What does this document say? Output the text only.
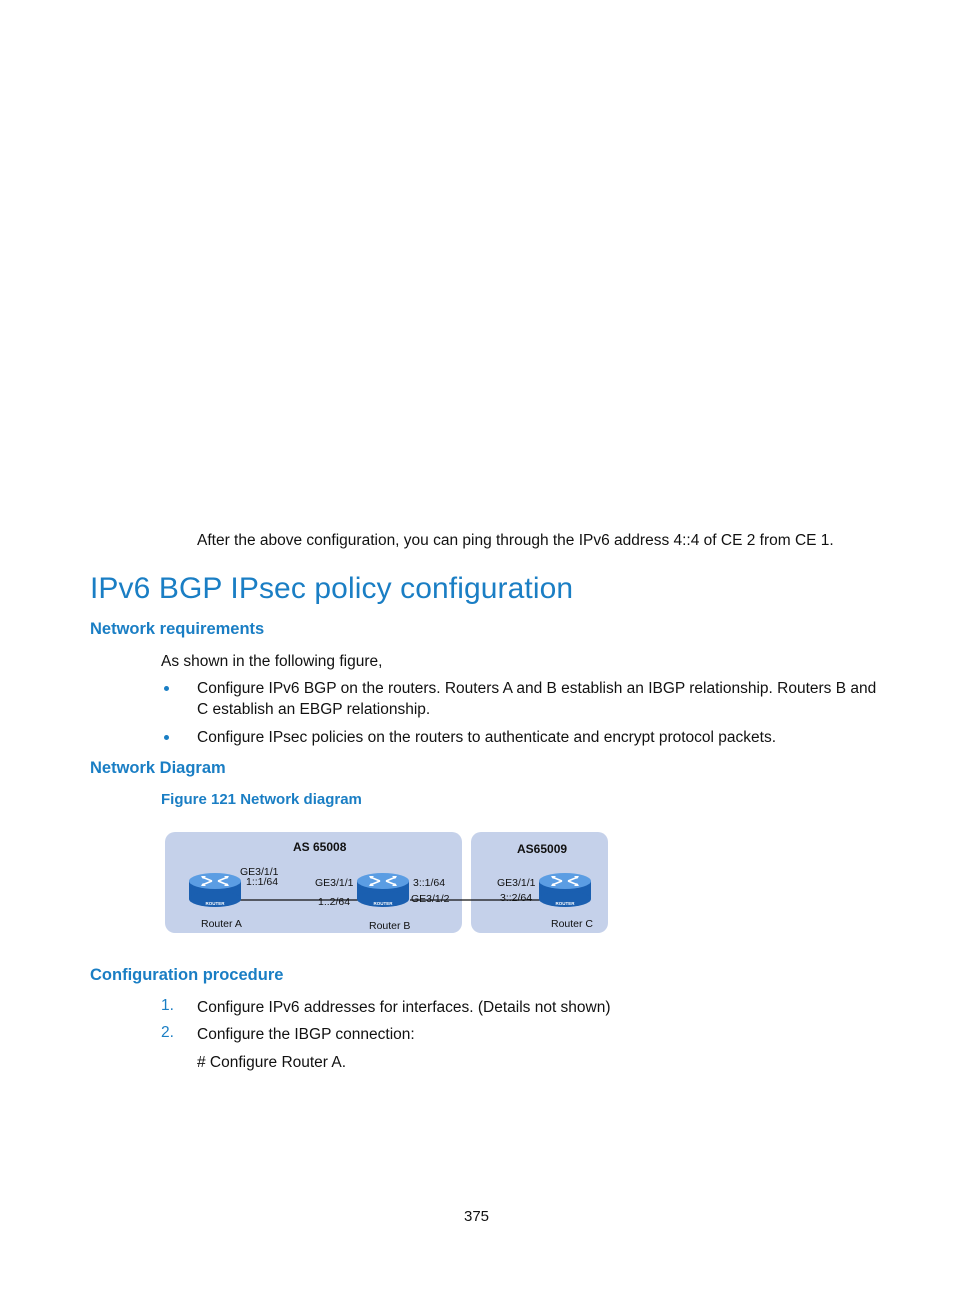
After the above configuration, you can ping through the IPv6 address 4::4 of CE 2 from CE 1.
IPv6 BGP IPsec policy configuration
Network requirements
As shown in the following figure,
Configure IPv6 BGP on the routers. Routers A and B establish an IBGP relationship. Routers B and
C establish an EBGP relationship.
Configure IPsec policies on the routers to authenticate and encrypt protocol packets.
Network Diagram
Figure 121 Network diagram
AS 65008	AS65009
ROUTER
GE3/1/1
1::1/64
Router A
ROUTER
GE3/1/1
1::2/64
3::1/64
GE3/1/2
Router B
ROUTER
GE3/1/1
3::2/64
Router C
Configuration procedure
1. Configure IPv6 addresses for interfaces. (Details not shown)
2. Configure the IBGP connection:
# Configure Router A.
375
